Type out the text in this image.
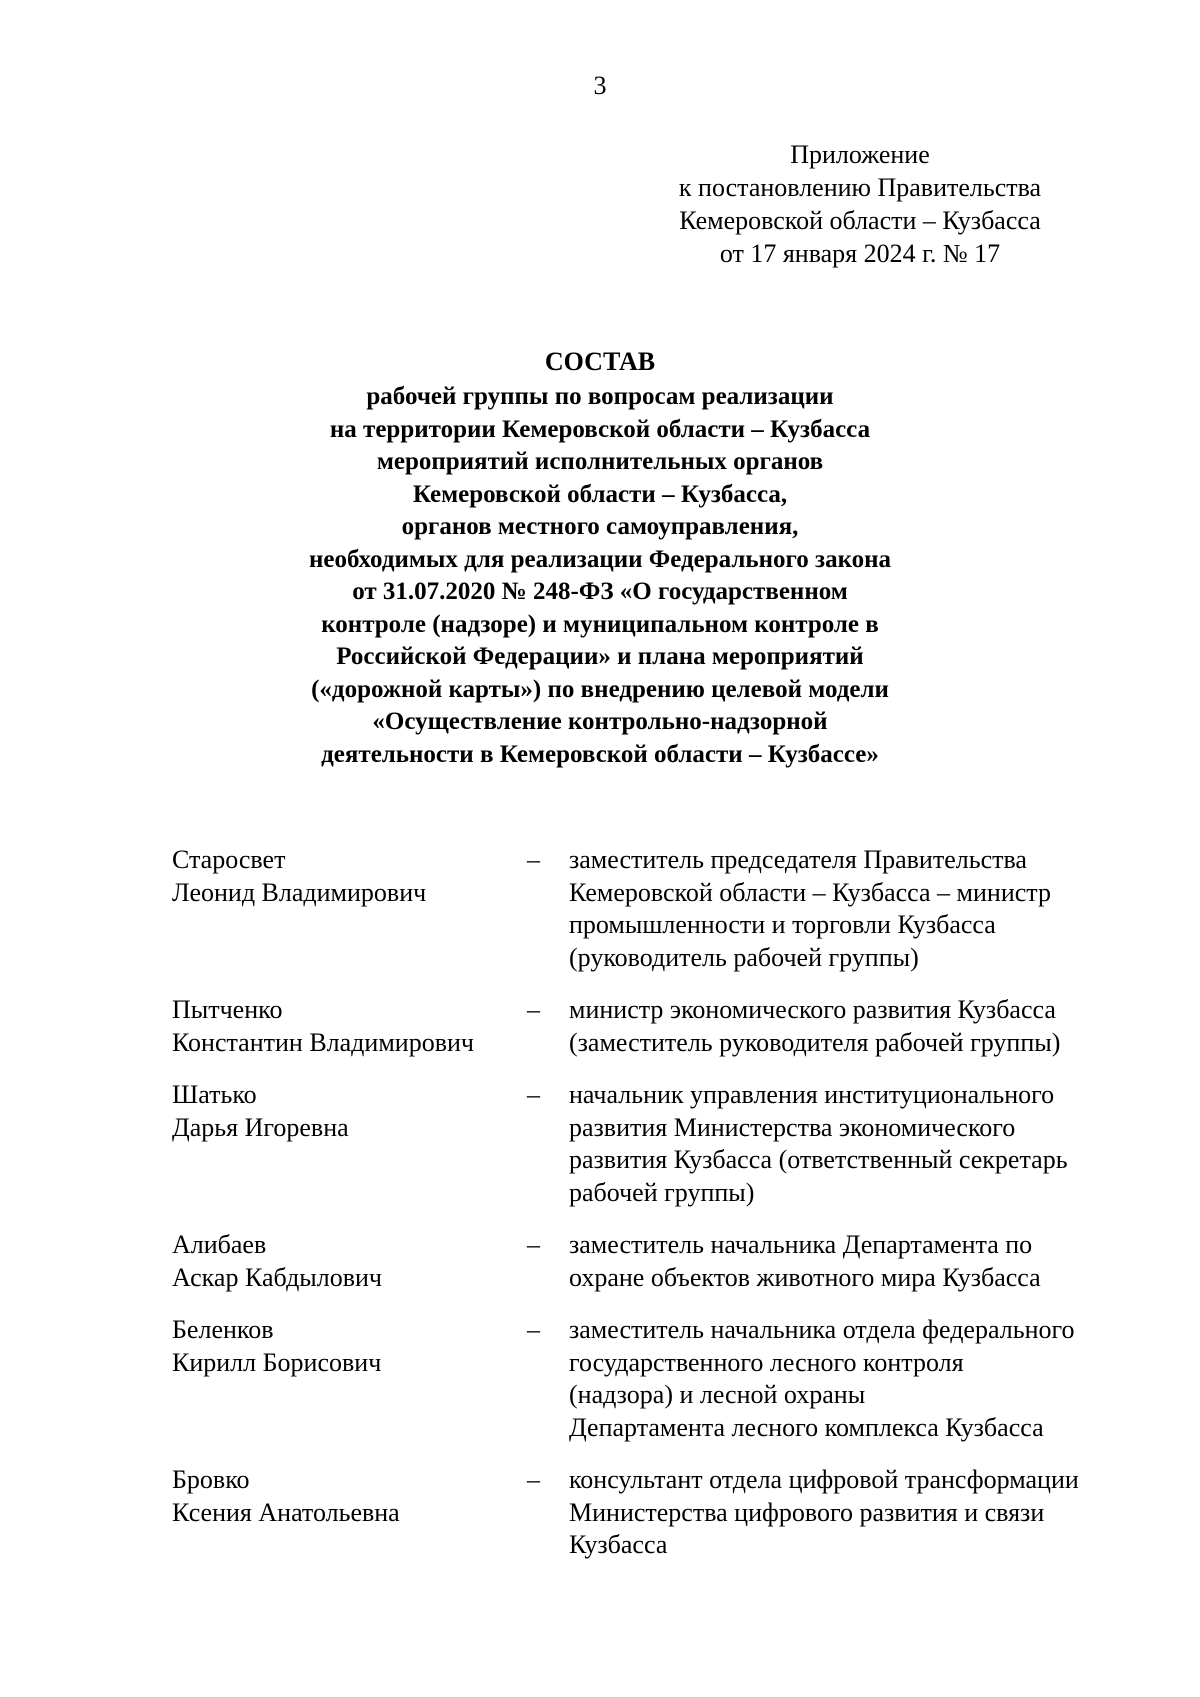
3
Приложение
к постановлению Правительства
Кемеровской области – Кузбасса
от 17 января 2024 г. № 17
СОСТАВ
рабочей группы по вопросам реализации
на территории Кемеровской области – Кузбасса
мероприятий исполнительных органов
Кемеровской области – Кузбасса,
органов местного самоуправления,
необходимых для реализации Федерального закона
от 31.07.2020 № 248-ФЗ «О государственном
контроле (надзоре) и муниципальном контроле в
Российской Федерации» и плана мероприятий
(«дорожной карты») по внедрению целевой модели
«Осуществление контрольно-надзорной
деятельности в Кемеровской области – Кузбассе»
Старосвет
Леонид Владимирович
–	заместитель председателя Правительства
Кемеровской области – Кузбасса – министр
промышленности и торговли Кузбасса
(руководитель рабочей группы)
Пытченко
Константин Владимирович
–	министр экономического развития Кузбасса
(заместитель руководителя рабочей группы)
Шатько
Дарья Игоревна
–	начальник управления институционального
развития Министерства экономического
развития Кузбасса (ответственный секретарь
рабочей группы)
Алибаев
Аскар Кабдылович
–	заместитель начальника Департамента по
охране объектов животного мира Кузбасса
Беленков
Кирилл Борисович
–	заместитель начальника отдела федерального
государственного лесного контроля
(надзора) и лесной охраны
Департамента лесного комплекса Кузбасса
Бровко
Ксения Анатольевна
–	консультант отдела цифровой трансформации
Министерства цифрового развития и связи
Кузбасса
